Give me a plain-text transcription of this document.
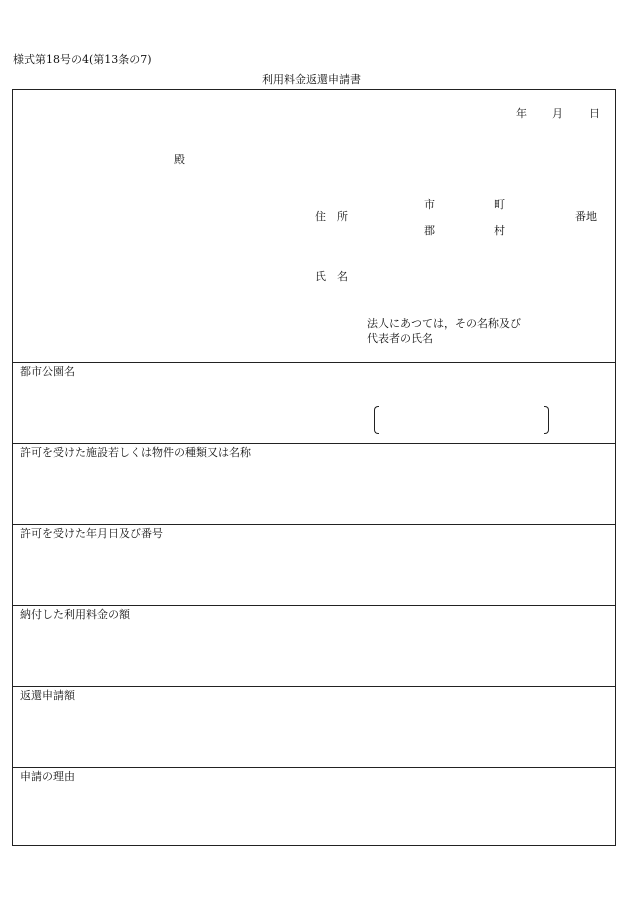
様式第18号の4(第13条の7)
利用料金返還申請書
年 月 日
殿
住　所
市
郡
町
村
番地
氏　名
法人にあつては，その名称及び
代表者の氏名
都市公園名
許可を受けた施設若しくは物件の種類又は名称
許可を受けた年月日及び番号
納付した利用料金の額
返還申請額
申請の理由
